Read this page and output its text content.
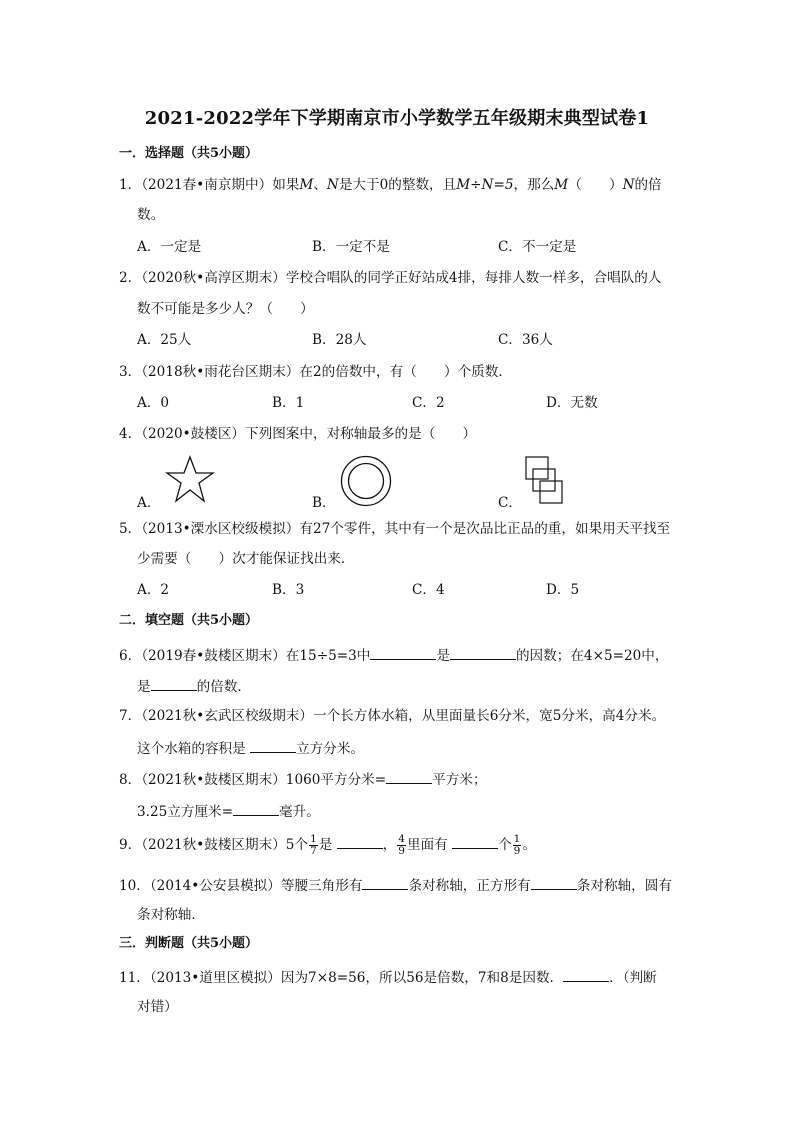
2021-2022学年下学期南京市小学数学五年级期末典型试卷1
一．选择题（共5小题）
1．（2021春•南京期中）如果M、N是大于0的整数，且M÷N=5，那么M（　　）N的倍
数。
A．一定是	B．一定不是	C．不一定是
2．（2020秋•高淳区期末）学校合唱队的同学正好站成4排，每排人数一样多，合唱队的人
数不可能是多少人？（　　）
A．25人	B．28人	C．36人
3．（2018秋•雨花台区期末）在2的倍数中，有（　　）个质数．
A．0	B．1	C．2	D．无数
4．（2020•鼓楼区）下列图案中，对称轴最多的是（　　）
A．	B．	C．
5．（2013•溧水区校级模拟）有27个零件，其中有一个是次品比正品的重，如果用天平找至
少需要（　　）次才能保证找出来．
A．2	B．3	C．4	D．5
二．填空题（共5小题）
6．（2019春•鼓楼区期末）在15÷5=3中	是	的因数；在4×5=20中，
是	的倍数．
7．（2021秋•玄武区校级期末）一个长方体水箱，从里面量长6分米，宽5分米，高4分米。
这个水箱的容积是	立方分米。
8．（2021秋•鼓楼区期末）1060平方分米=	平方米；
3.25立方厘米=	毫升。
9．（2021秋•鼓楼区期末）5个 $\frac{1}{7}$ 是	， $\frac{4}{9}$ 里面有	个 $\frac{1}{9}$ 。
10．（2014•公安县模拟）等腰三角形有	条对称轴，正方形有	条对称轴，圆有
条对称轴．
三．判断题（共5小题）
11．（2013•道里区模拟）因为7×8=56，所以56是倍数，7和8是因数．	．（判断
对错）
